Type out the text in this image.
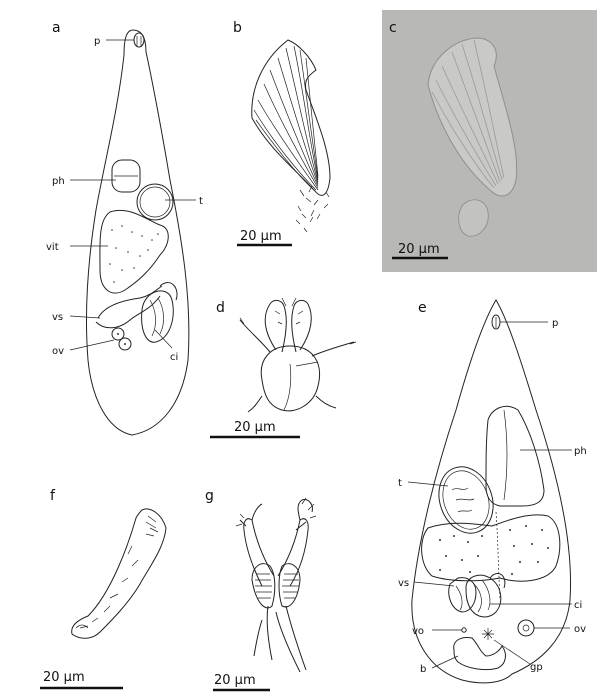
a
p
ph
t
vit
vs
ov
ci
b
20 µm
c
20 µm
d
20 µm
e
p
ph
t
vs
ci
vo	ov
b	gp
f
20 µm
g
20 µm
